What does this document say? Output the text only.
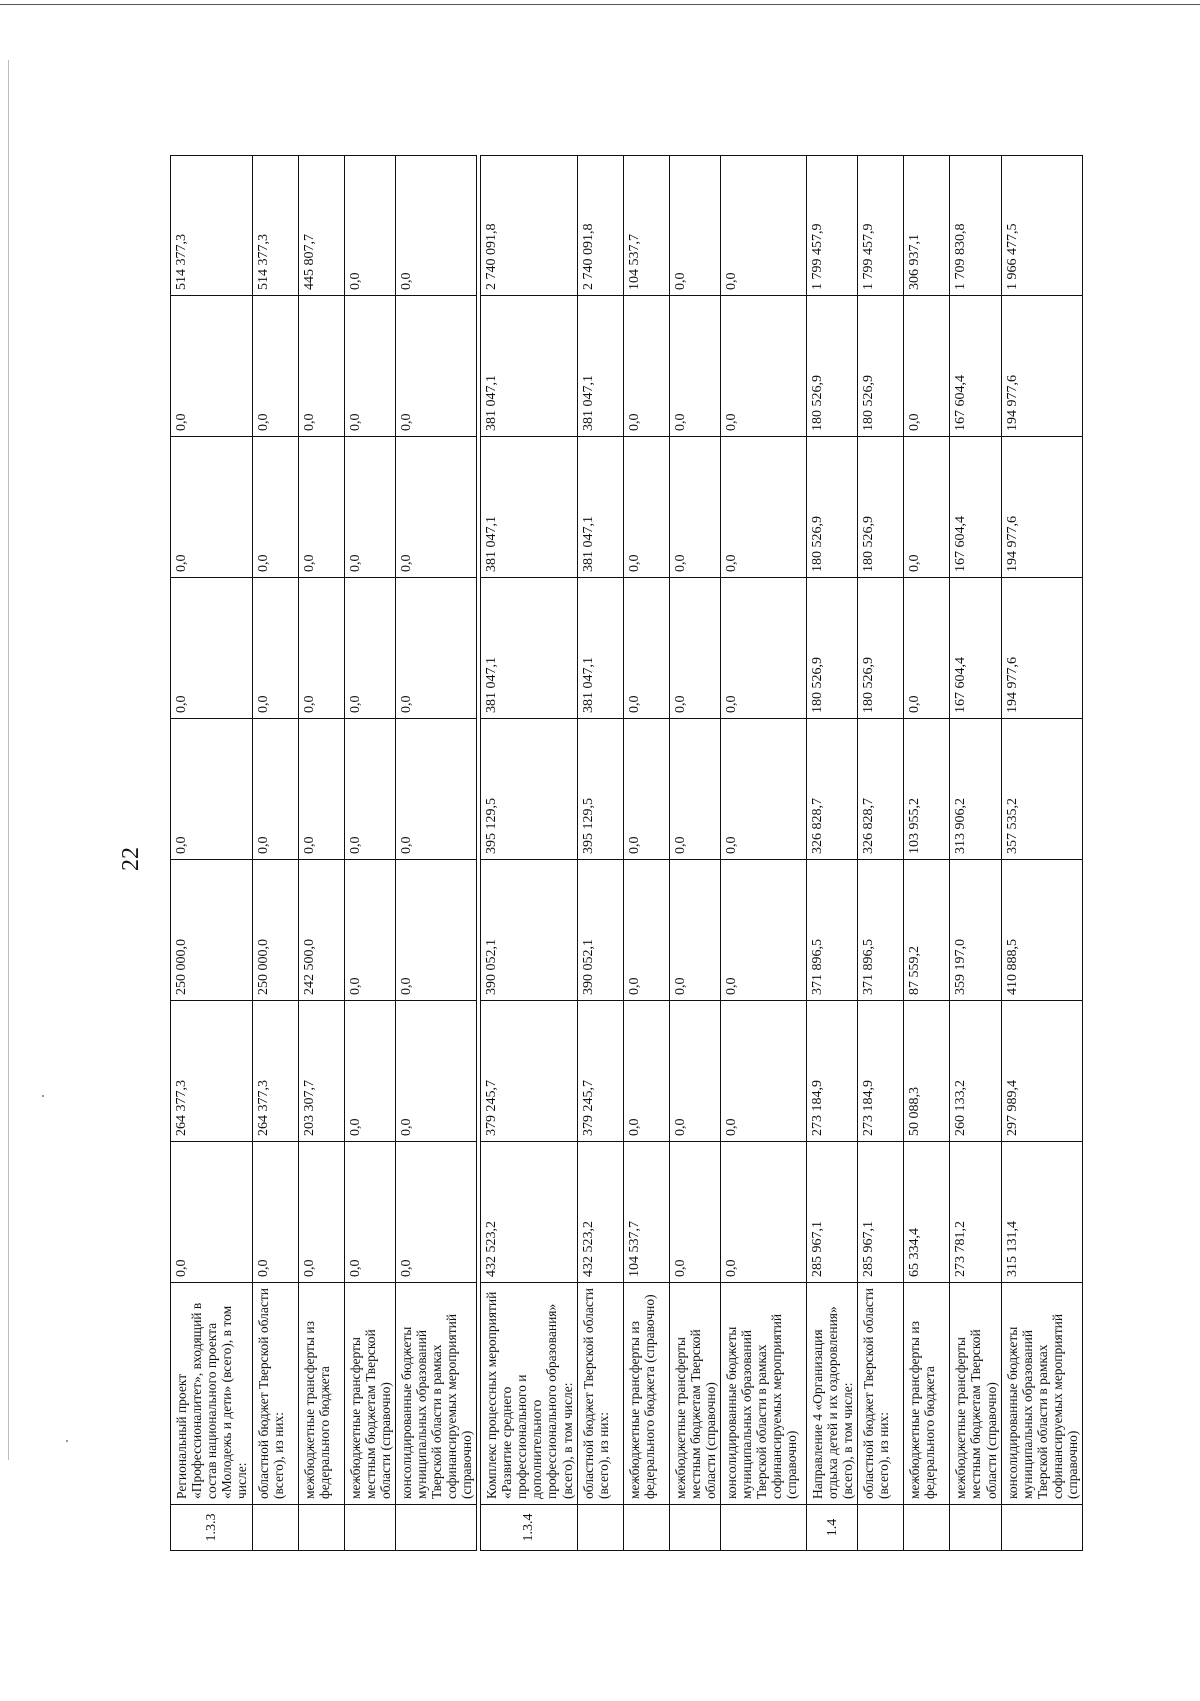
22
1.3.3	Региональный проект «Профессионалитет», входящий в состав национального проекта «Молодежь и дети» (всего), в том числе:	0,0	264 377,3	250 000,0	0,0	0,0	0,0	0,0	514 377,3
	областной бюджет Тверской области (всего), из них:	0,0	264 377,3	250 000,0	0,0	0,0	0,0	0,0	514 377,3
	межбюджетные трансферты из федерального бюджета	0,0	203 307,7	242 500,0	0,0	0,0	0,0	0,0	445 807,7
	межбюджетные трансферты местным бюджетам Тверской области (справочно)	0,0	0,0	0,0	0,0	0,0	0,0	0,0	0,0
	консолидированные бюджеты муниципальных образований Тверской области в рамках софинансируемых мероприятий (справочно)	0,0	0,0	0,0	0,0	0,0	0,0	0,0	0,0
1.3.4	Комплекс процессных мероприятий «Развитие среднего профессионального и дополнительного профессионального образования» (всего), в том числе:	432 523,2	379 245,7	390 052,1	395 129,5	381 047,1	381 047,1	381 047,1	2 740 091,8
	областной бюджет Тверской области (всего), из них:	432 523,2	379 245,7	390 052,1	395 129,5	381 047,1	381 047,1	381 047,1	2 740 091,8
	межбюджетные трансферты из федерального бюджета (справочно)	104 537,7	0,0	0,0	0,0	0,0	0,0	0,0	104 537,7
	межбюджетные трансферты местным бюджетам Тверской области (справочно)	0,0	0,0	0,0	0,0	0,0	0,0	0,0	0,0
	консолидированные бюджеты муниципальных образований Тверской области в рамках софинансируемых мероприятий (справочно)	0,0	0,0	0,0	0,0	0,0	0,0	0,0	0,0
1.4	Направление 4 «Организация отдыха детей и их оздоровления» (всего), в том числе:	285 967,1	273 184,9	371 896,5	326 828,7	180 526,9	180 526,9	180 526,9	1 799 457,9
	областной бюджет Тверской области (всего), из них:	285 967,1	273 184,9	371 896,5	326 828,7	180 526,9	180 526,9	180 526,9	1 799 457,9
	межбюджетные трансферты из федерального бюджета	65 334,4	50 088,3	87 559,2	103 955,2	0,0	0,0	0,0	306 937,1
	межбюджетные трансферты местным бюджетам Тверской области (справочно)	273 781,2	260 133,2	359 197,0	313 906,2	167 604,4	167 604,4	167 604,4	1 709 830,8
	консолидированные бюджеты муниципальных образований Тверской области в рамках софинансируемых мероприятий (справочно)	315 131,4	297 989,4	410 888,5	357 535,2	194 977,6	194 977,6	194 977,6	1 966 477,5
